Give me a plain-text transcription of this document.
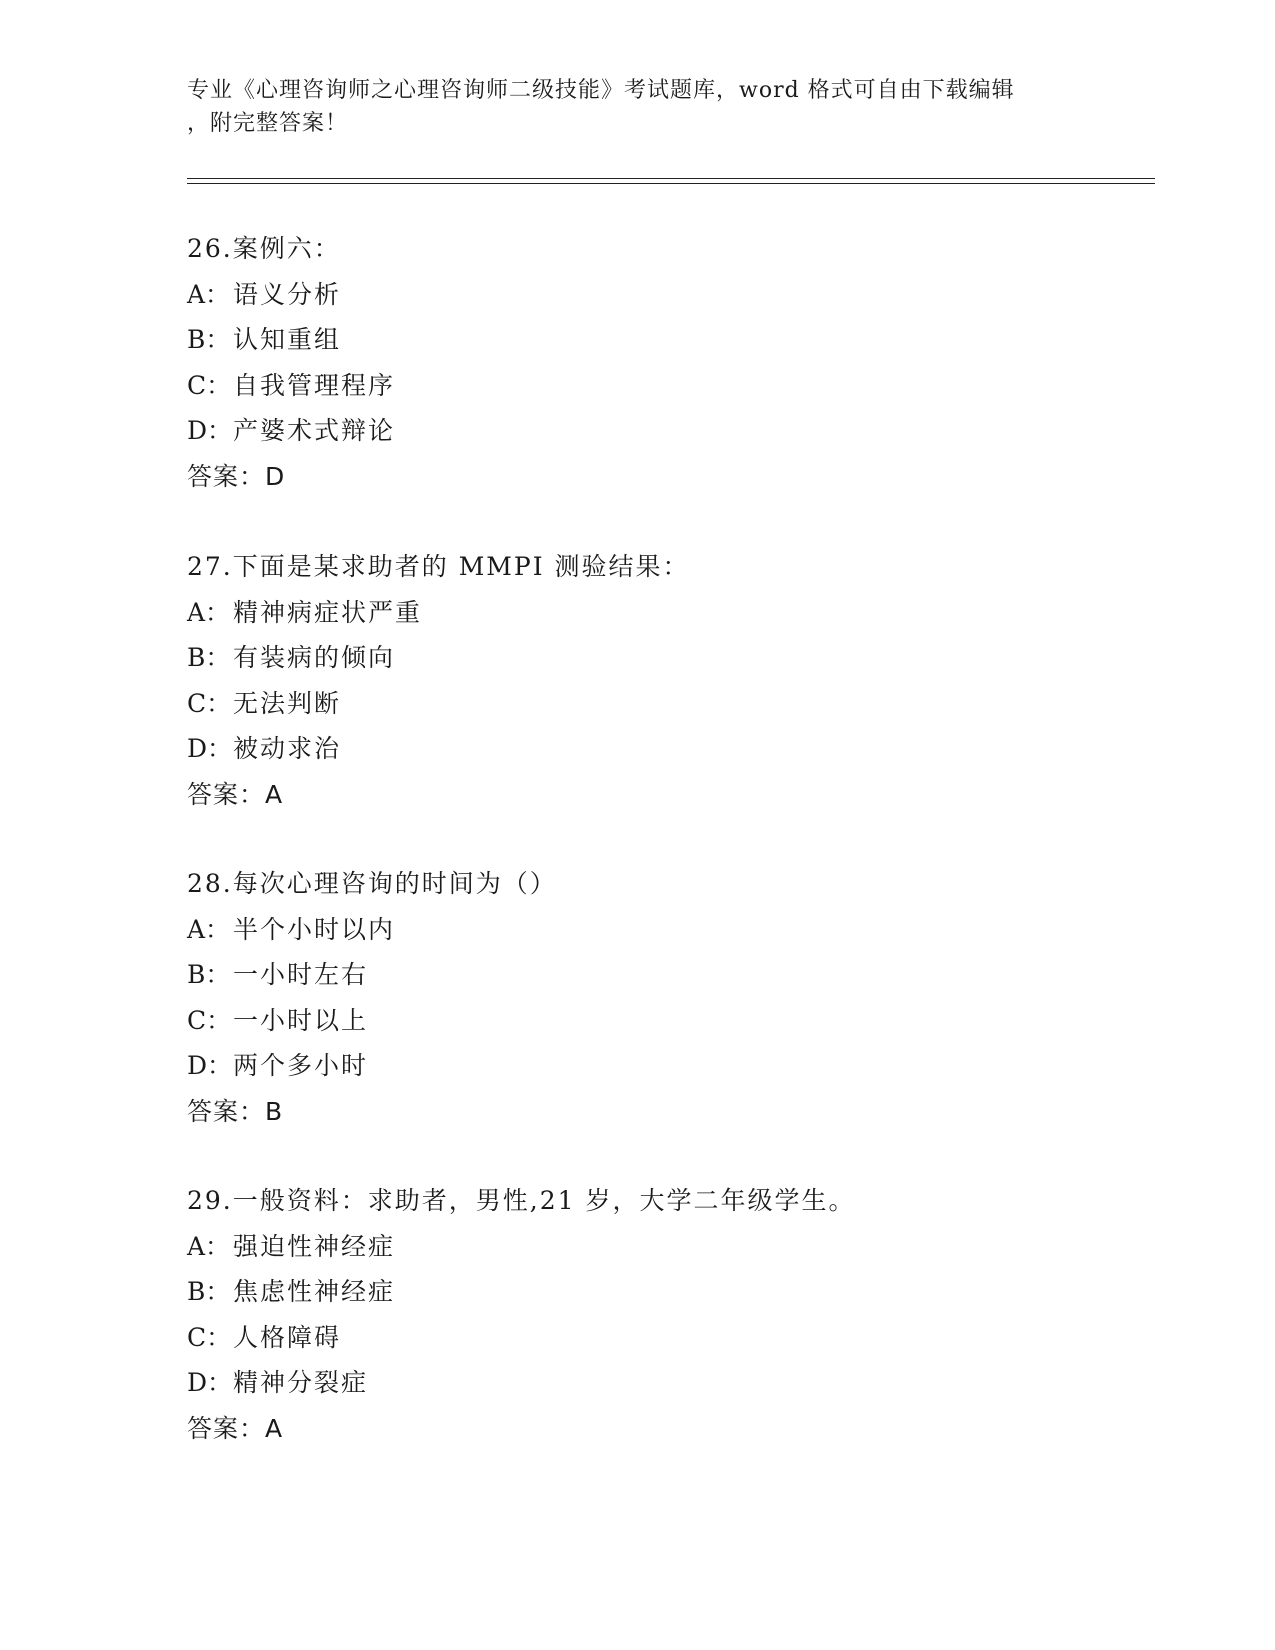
专业《心理咨询师之心理咨询师二级技能》考试题库，word 格式可自由下载编辑
，附完整答案！
26.案例六：
A： 语义分析
B： 认知重组
C：自我管理程序
D：产婆术式辩论
答案：D
27.下面是某求助者的 MMPI 测验结果：
A： 精神病症状严重
B： 有装病的倾向
C：无法判断
D：被动求治
答案：A
28.每次心理咨询的时间为（）
A： 半个小时以内
B： 一小时左右
C：一小时以上
D：两个多小时
答案：B
29.一般资料：求助者，男性,21 岁，大学二年级学生。
A： 强迫性神经症
B： 焦虑性神经症
C：人格障碍
D：精神分裂症
答案：A
